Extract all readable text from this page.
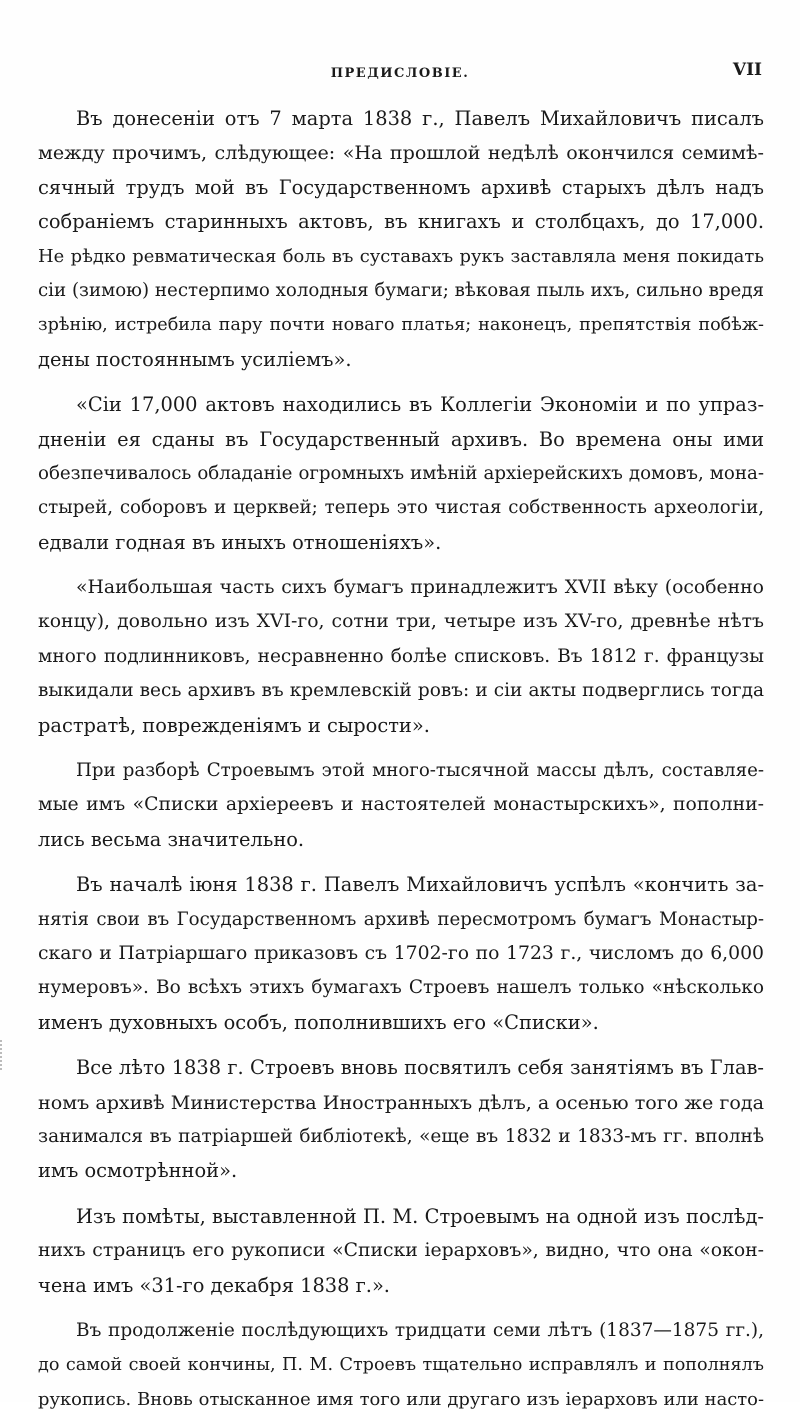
ПРЕДИСЛОВІЕ.	VII
Въ донесеніи отъ 7 марта 1838 г., Павелъ Михайловичъ писалъ
между прочимъ, слѣдующее: «На прошлой недѣлѣ окончился семимѣ-
сячный трудъ мой въ Государственномъ архивѣ старыхъ дѣлъ надъ
собраніемъ старинныхъ актовъ, въ книгахъ и столбцахъ, до 17,000.
Не рѣдко ревматическая боль въ суставахъ рукъ заставляла меня покидать
сіи (зимою) нестерпимо холодныя бумаги; вѣковая пыль ихъ, сильно вредя
зрѣнію, истребила пару почти новаго платья; наконецъ, препятствія побѣж-
дены постояннымъ усиліемъ».
«Сіи 17,000 актовъ находились въ Коллегіи Экономіи и по упраз-
дненіи ея сданы въ Государственный архивъ. Во времена оны ими
обезпечивалось обладаніе огромныхъ имѣній архіерейскихъ домовъ, мона-
стырей, соборовъ и церквей; теперь это чистая собственность археологіи,
едвали годная въ иныхъ отношеніяхъ».
«Наибольшая часть сихъ бумагъ принадлежитъ XVII вѣку (особенно
концу), довольно изъ XVI-го, сотни три, четыре изъ XV-го, древнѣе нѣтъ
много подлинниковъ, несравненно болѣе списковъ. Въ 1812 г. французы
выкидали весь архивъ въ кремлевскій ровъ: и сіи акты подверглись тогда
растратѣ, поврежденіямъ и сырости».
При разборѣ Строевымъ этой много-тысячной массы дѣлъ, составляе-
мые имъ «Списки архіереевъ и настоятелей монастырскихъ», пополни-
лись весьма значительно.
Въ началѣ іюня 1838 г. Павелъ Михайловичъ успѣлъ «кончить за-
нятія свои въ Государственномъ архивѣ пересмотромъ бумагъ Монастыр-
скаго и Патріаршаго приказовъ съ 1702-го по 1723 г., числомъ до 6,000
нумеровъ». Во всѣхъ этихъ бумагахъ Строевъ нашелъ только «нѣсколько
именъ духовныхъ особъ, пополнившихъ его «Списки».
Все лѣто 1838 г. Строевъ вновь посвятилъ себя занятіямъ въ Глав-
номъ архивѣ Министерства Иностранныхъ дѣлъ, а осенью того же года
занимался въ патріаршей библіотекѣ, «еще въ 1832 и 1833-мъ гг. вполнѣ
имъ осмотрѣнной».
Изъ помѣты, выставленной П. М. Строевымъ на одной изъ послѣд-
нихъ страницъ его рукописи «Списки іерарховъ», видно, что она «окон-
чена имъ «31-го декабря 1838 г.».
Въ продолженіе послѣдующихъ тридцати семи лѣтъ (1837—1875 гг.),
до самой своей кончины, П. М. Строевъ тщательно исправлялъ и пополнялъ
рукопись. Вновь отысканное имя того или другаго изъ іерарховъ или насто-
